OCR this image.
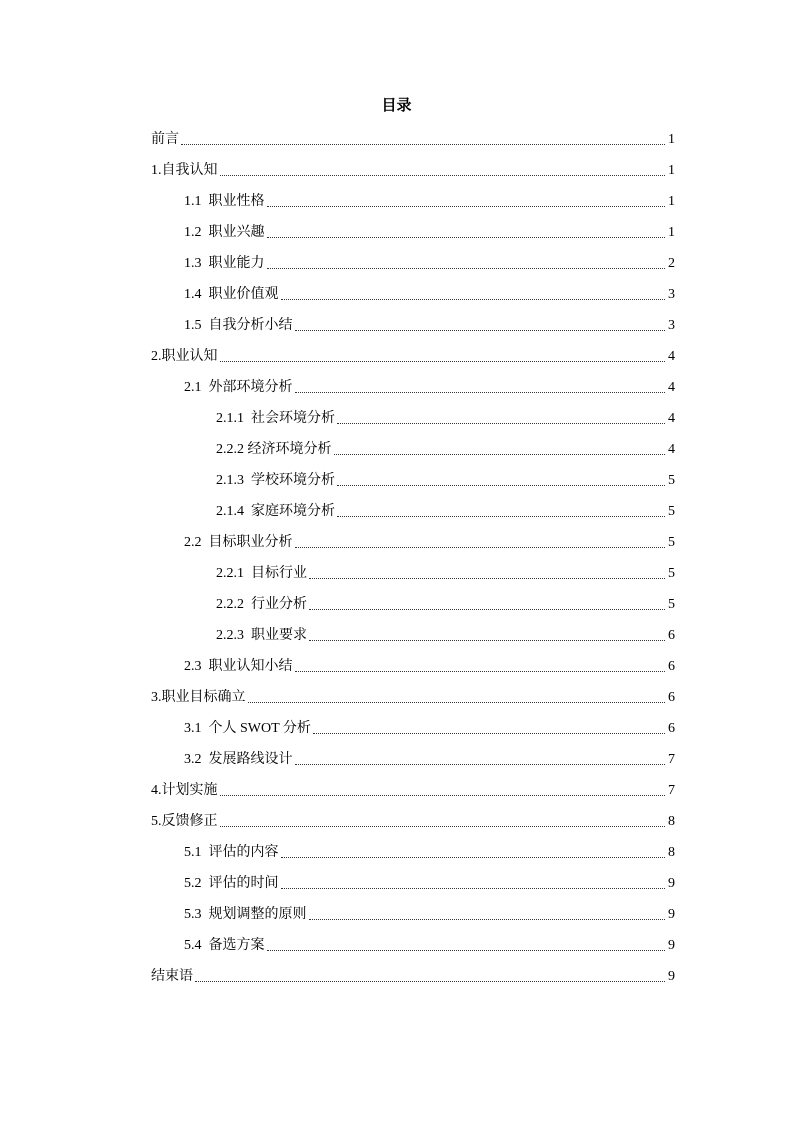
目录
前言	1
1.自我认知	1
1.1  职业性格	1
1.2  职业兴趣	1
1.3  职业能力	2
1.4  职业价值观	3
1.5  自我分析小结	3
2.职业认知	4
2.1  外部环境分析	4
2.1.1  社会环境分析	4
2.2.2 经济环境分析	4
2.1.3  学校环境分析	5
2.1.4  家庭环境分析	5
2.2  目标职业分析	5
2.2.1  目标行业	5
2.2.2  行业分析	5
2.2.3  职业要求	6
2.3  职业认知小结	6
3.职业目标确立	6
3.1  个人 SWOT 分析	6
3.2  发展路线设计	7
4.计划实施	7
5.反馈修正	8
5.1  评估的内容	8
5.2  评估的时间	9
5.3  规划调整的原则	9
5.4  备选方案	9
结束语	9
